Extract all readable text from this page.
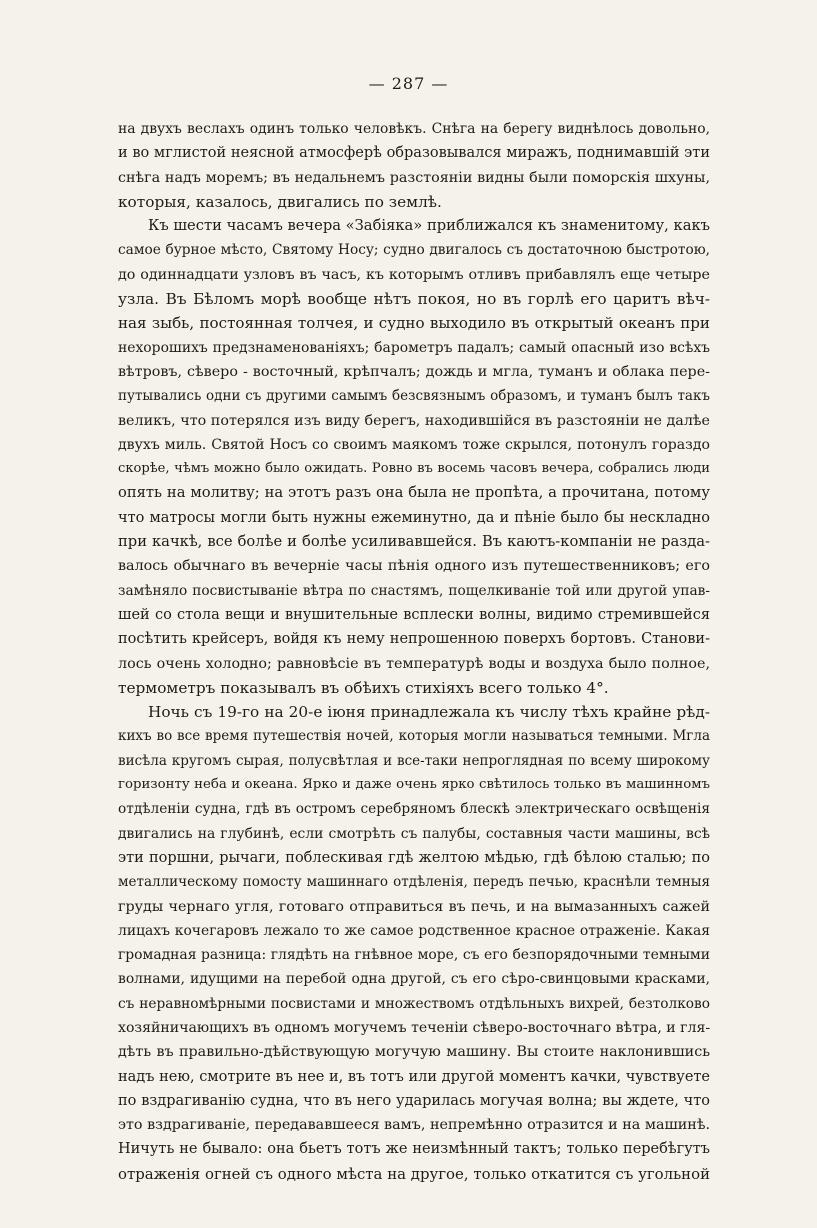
— 287 —
на двухъ веслахъ одинъ только человѣкъ. Снѣга на берегу виднѣлось довольно,
и во мглистой неясной атмосферѣ образовывался миражъ, поднимавшій эти
снѣга надъ моремъ; въ недальнемъ разстояніи видны были поморскія шхуны,
которыя, казалось, двигались по землѣ.
Къ шести часамъ вечера «Забіяка» приближался къ знаменитому, какъ
самое бурное мѣсто, Святому Носу; судно двигалось съ достаточною быстротою,
до одиннадцати узловъ въ часъ, къ которымъ отливъ прибавлялъ еще четыре
узла. Въ Бѣломъ морѣ вообще нѣтъ покоя, но въ горлѣ его царитъ вѣч-
ная зыбь, постоянная толчея, и судно выходило въ открытый океанъ при
нехорошихъ предзнаменованіяхъ; барометръ падалъ; самый опасный изо всѣхъ
вѣтровъ, сѣверо - восточный, крѣпчалъ; дождь и мгла, туманъ и облака пере-
путывались одни съ другими самымъ безсвязнымъ образомъ, и туманъ былъ такъ
великъ, что потерялся изъ виду берегъ, находившійся въ разстояніи не далѣе
двухъ миль. Святой Носъ со своимъ маякомъ тоже скрылся, потонулъ гораздо
скорѣе, чѣмъ можно было ожидать. Ровно въ восемь часовъ вечера, собрались люди
опять на молитву; на этотъ разъ она была не пропѣта, а прочитана, потому
что матросы могли быть нужны ежеминутно, да и пѣніе было бы нескладно
при качкѣ, все болѣе и болѣе усиливавшейся. Въ каютъ-компаніи не разда-
валось обычнаго въ вечерніе часы пѣнія одного изъ путешественниковъ; его
замѣняло посвистываніе вѣтра по снастямъ, пощелкиваніе той или другой упав-
шей со стола вещи и внушительные всплески волны, видимо стремившейся
посѣтить крейсеръ, войдя къ нему непрошенною поверхъ бортовъ. Станови-
лось очень холодно; равновѣсіе въ температурѣ воды и воздуха было полное,
термометръ показывалъ въ обѣихъ стихіяхъ всего только 4°.
Ночь съ 19-го на 20-е іюня принадлежала къ числу тѣхъ крайне рѣд-
кихъ во все время путешествія ночей, которыя могли называться темными. Мгла
висѣла кругомъ сырая, полусвѣтлая и все-таки непроглядная по всему широкому
горизонту неба и океана. Ярко и даже очень ярко свѣтилось только въ машинномъ
отдѣленіи судна, гдѣ въ остромъ серебряномъ блескѣ электрическаго освѣщенія
двигались на глубинѣ, если смотрѣть съ палубы, составныя части машины, всѣ
эти поршни, рычаги, поблескивая гдѣ желтою мѣдью, гдѣ бѣлою сталью; по
металлическому помосту машиннаго отдѣленія, передъ печью, краснѣли темныя
груды чернаго угля, готоваго отправиться въ печь, и на вымазанныхъ сажей
лицахъ кочегаровъ лежало то же самое родственное красное отраженіе. Какая
громадная разница: глядѣть на гнѣвное море, съ его безпорядочными темными
волнами, идущими на перебой одна другой, съ его сѣро-свинцовыми красками,
съ неравномѣрными посвистами и множествомъ отдѣльныхъ вихрей, безтолково
хозяйничающихъ въ одномъ могучемъ теченіи сѣверо-восточнаго вѣтра, и гля-
дѣть въ правильно-дѣйствующую могучую машину. Вы стоите наклонившись
надъ нею, смотрите въ нее и, въ тотъ или другой моментъ качки, чувствуете
по вздрагиванію судна, что въ него ударилась могучая волна; вы ждете, что
это вздрагиваніе, передававшееся вамъ, непремѣнно отразится и на машинѣ.
Ничуть не бывало: она бьетъ тотъ же неизмѣнный тактъ; только перебѣгутъ
отраженія огней съ одного мѣста на другое, только откатится съ угольной
